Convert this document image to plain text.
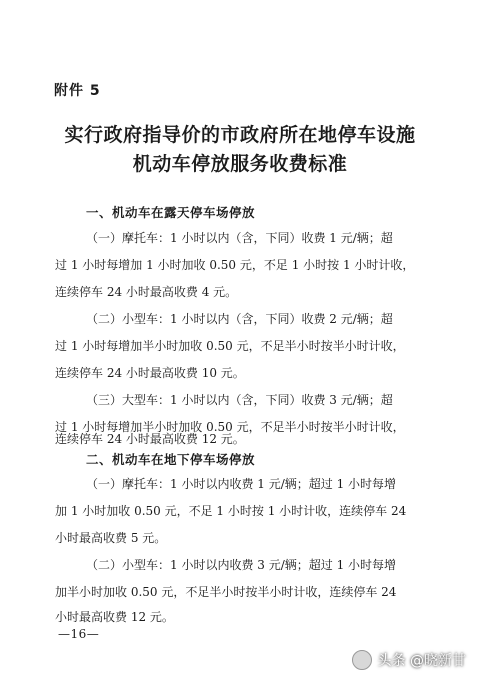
附件 5
实行政府指导价的市政府所在地停车设施
机动车停放服务收费标准
一、机动车在露天停车场停放
（一）摩托车：1 小时以内（含，下同）收费 1 元/辆；超
过 1 小时每增加 1 小时加收 0.50 元，不足 1 小时按 1 小时计收，
连续停车 24 小时最高收费 4 元。
（二）小型车：1 小时以内（含，下同）收费 2 元/辆；超
过 1 小时每增加半小时加收 0.50 元，不足半小时按半小时计收，
连续停车 24 小时最高收费 10 元。
（三）大型车：1 小时以内（含，下同）收费 3 元/辆；超
过 1 小时每增加半小时加收 0.50 元，不足半小时按半小时计收，
二、机动车在地下停车场停放
（一）摩托车：1 小时以内收费 1 元/辆；超过 1 小时每增
加 1 小时加收 0.50 元，不足 1 小时按 1 小时计收，连续停车 24
小时最高收费 5 元。
（二）小型车：1 小时以内收费 3 元/辆；超过 1 小时每增
加半小时加收 0.50 元，不足半小时按半小时计收，连续停车 24
小时最高收费 12 元。
—16—
头条 @晓新甘
连续停车 24 小时最高收费 12 元。
